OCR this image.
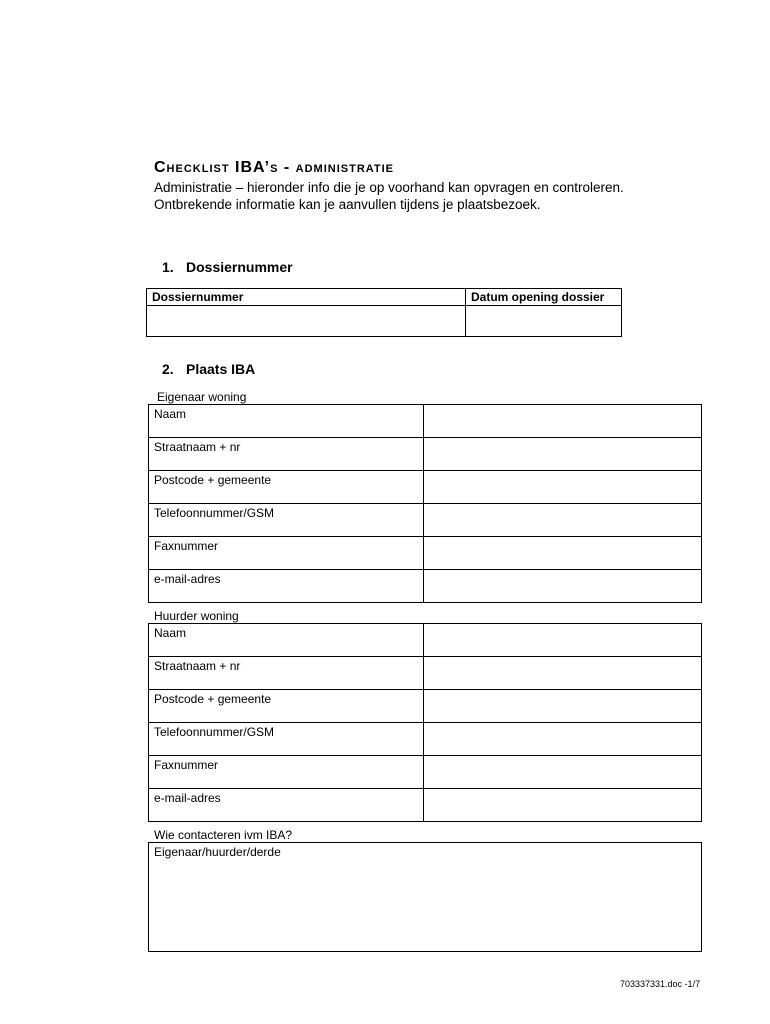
Checklist IBA’s - administratie
Administratie – hieronder info die je op voorhand kan opvragen en controleren.
Ontbrekende informatie kan je aanvullen tijdens je plaatsbezoek.
1. Dossiernummer
Dossiernummer	Datum opening dossier

2. Plaats IBA
Eigenaar woning
Naam	
Straatnaam + nr	
Postcode + gemeente	
Telefoonnummer/GSM	
Faxnummer	
e-mail-adres	
Huurder woning
Naam	
Straatnaam + nr	
Postcode + gemeente	
Telefoonnummer/GSM	
Faxnummer	
e-mail-adres	
Wie contacteren ivm IBA?
Eigenaar/huurder/derde
703337331.doc -1/7
